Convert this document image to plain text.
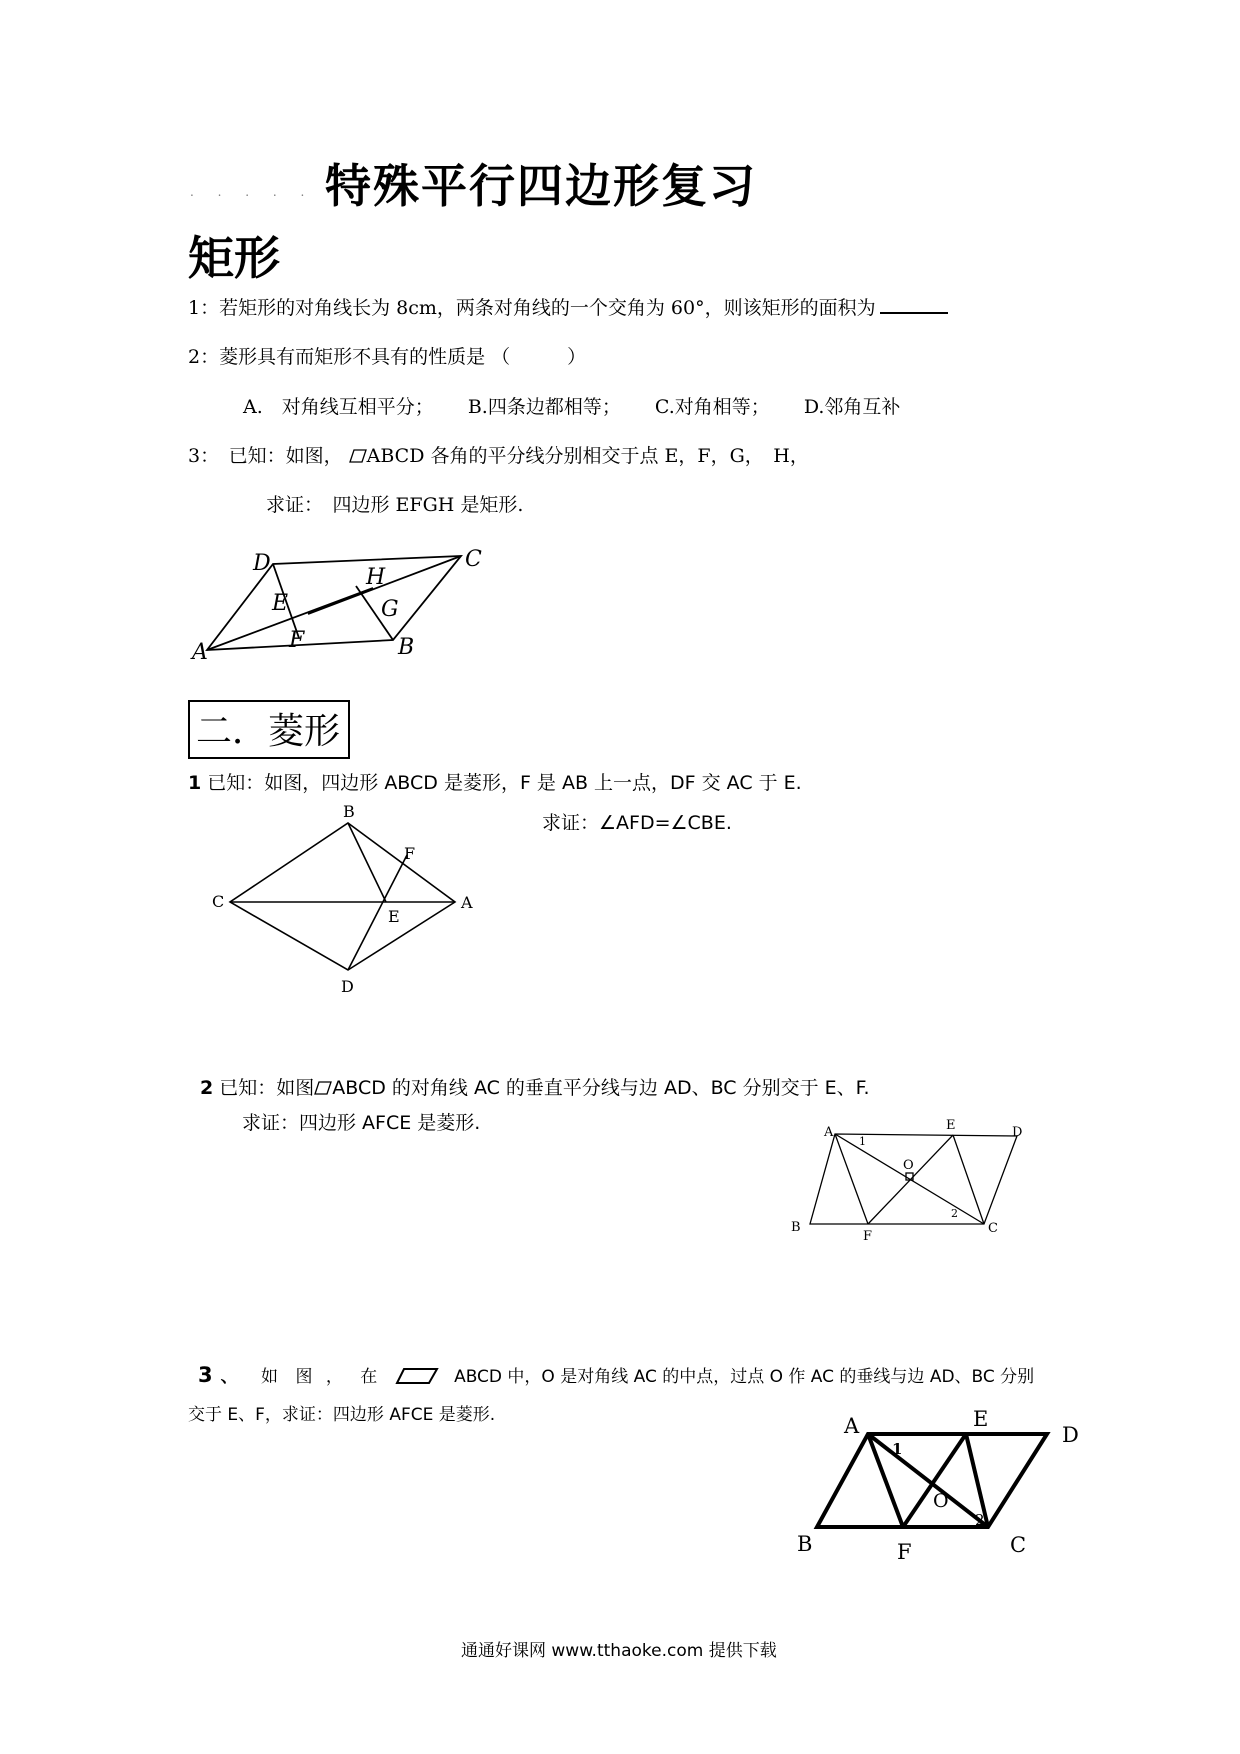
. . . . . 特殊平行四边形复习
矩形
1：若矩形的对角线长为 8cm，两条对角线的一个交角为 60°，则该矩形的面积为
2：菱形具有而矩形不具有的性质是 （　　　）
A.　对角线互相平分； B.四条边都相等； C.对角相等； D.邻角互补
3：　已知：如图， ABCD 各角的平分线分别相交于点 E，F，G，　H，
求证：　四边形 EFGH 是矩形.
D	C
H
E	G
F
A	B
B
F
C
E
A
D
A
1
E	D
O
2
B
F
C
A	E
D
1
O
2
B	F	C
二．菱形
1 已知：如图，四边形 ABCD 是菱形，F 是 AB 上一点，DF 交 AC 于 E.
求证：∠AFD=∠CBE.
2 已知：如图 ABCD 的对角线 AC 的垂直平分线与边 AD、BC 分别交于 E、F.
求证：四边形 AFCE 是菱形.
3 、 如 图 ， 在	ABCD 中，O 是对角线 AC 的中点，过点 O 作 AC 的垂线与边 AD、BC 分别
交于 E、F，求证：四边形 AFCE 是菱形.
通通好课网 www.tthaoke.com 提供下载
